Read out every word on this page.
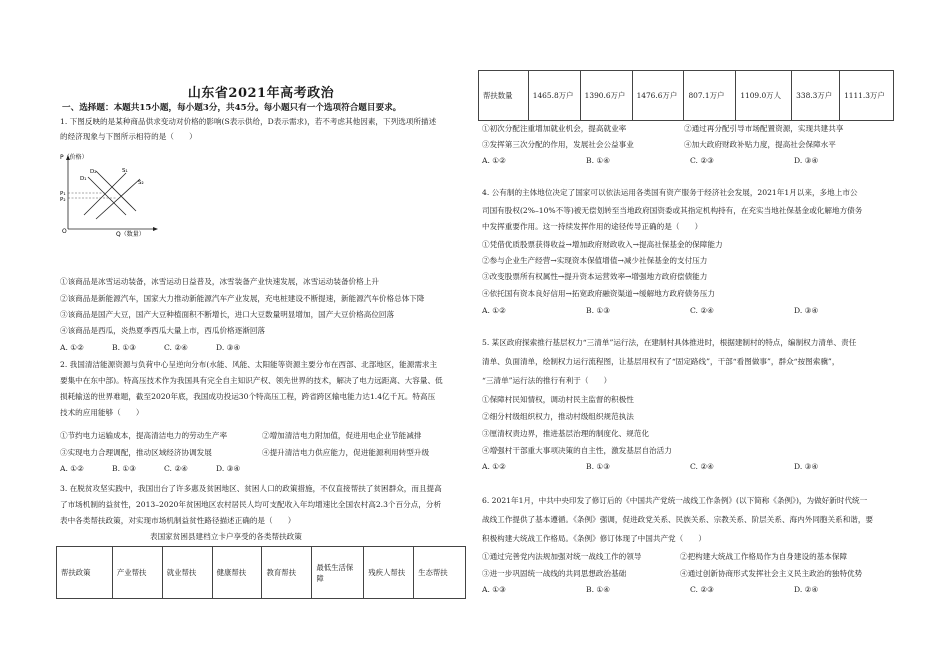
山东省2021年高考政治
一、选择题：本题共15小题，每小题3分，共45分。每小题只有一个选项符合题目要求。
1. 下图反映的是某种商品供求变动对价格的影响(S表示供给，D表示需求)，若不考虑其他因素，下列选项所描述
的经济现象与下图所示相符的是（　　）
P（价格）
Q（数量）
O
D₁
D₂	S₁
S₂
P₁
P₂
①该商品是冰雪运动装备，冰雪运动日益普及，冰雪装备产业快速发展，冰雪运动装备价格上升
②该商品是新能源汽车，国家大力推动新能源汽车产业发展，充电桩建设不断提速，新能源汽车价格总体下降
③该商品是国产大豆，国产大豆种植面积不断增长，进口大豆数量明显增加，国产大豆价格高位回落
④该商品是西瓜，炎热夏季西瓜大量上市，西瓜价格逐渐回落
A. ①②	B. ①③	C. ②④	D. ③④
2. 我国清洁能源资源与负荷中心呈逆向分布(水能、风能、太阳能等资源主要分布在西部、北部地区，能源需求主
要集中在东中部)。特高压技术作为我国具有完全自主知识产权、领先世界的技术，解决了电力远距离、大容量、低
损耗输送的世界难题，截至2020年底，我国成功投运30个特高压工程，跨省跨区输电能力达1.4亿千瓦。特高压
技术的应用能够（　　）
①节约电力运输成本，提高清洁电力的劳动生产率	②增加清洁电力附加值，促进用电企业节能减排
③实现电力合理调配，推动区域经济协调发展	④提升清洁电力供应能力，促进能源利用转型升级
A. ①②	B. ①③	C. ②④	D. ③④
3. 在脱贫攻坚实践中，我国出台了许多惠及贫困地区、贫困人口的政策措施，不仅直接帮扶了贫困群众，而且提高
了市场机制的益贫性，2013–2020年贫困地区农村居民人均可支配收入年均增速比全国农村高2.3个百分点，分析
表中各类帮扶政策，对实现市场机制益贫性路径描述正确的是（　　）
表国家贫困县建档立卡户享受的各类帮扶政策
帮扶政策	产业帮扶	就业帮扶	健康帮扶	教育帮扶	最低生活保障	残疾人帮扶	生态帮扶
帮扶数量	1465.8万户	1390.6万户	1476.6万户	807.1万户	1109.0万人	338.3万户	1111.3万户
①初次分配注重增加就业机会，提高就业率	②通过再分配引导市场配置资源，实现共建共享
③发挥第三次分配的作用，发展社会公益事业	④加大政府财政补贴力度，提高社会保障水平
A. ①②	B. ①④	C. ②③	D. ③④
4. 公有制的主体地位决定了国家可以依法运用各类国有资产服务于经济社会发展，2021年1月以来，多地上市公
司国有股权(2%–10%不等)被无偿划转至当地政府国资委或其指定机构持有，在充实当地社保基金或化解地方债务
中发挥重要作用。这一持续发挥作用的途径传导正确的是（　　）
①凭借优质股票获得收益→增加政府财政收入→提高社保基金的保障能力
②参与企业生产经营→实现资本保值增值→减少社保基金的支付压力
③改变股票所有权属性→提升资本运营效率→增强地方政府偿债能力
④依托国有资本良好信用→拓宽政府融资渠道→缓解地方政府债务压力
A. ①②	B. ①③	C. ②④	D. ③④
5. 某区政府探索推行基层权力“三清单”运行法，在建制村具体推进时，根据建制村的特点，编制权力清单、责任
清单、负面清单，绘制权力运行流程图，让基层用权有了“固定路线”，干部“看图做事”，群众“按图索骥”，
“三清单”运行法的推行有利于（　　）
①保障村民知情权，调动村民主监督的积极性
②细分村级组织权力，推动村级组织规范执法
③厘清权责边界，推进基层治理的制度化、规范化
④增强村干部重大事项决策的自主性，激发基层自治活力
A. ①②	B. ①③	C. ②④	D. ③④
6. 2021年1月，中共中央印发了修订后的《中国共产党统一战线工作条例》(以下简称《条例》)，为做好新时代统一
战线工作提供了基本遵循。《条例》强调，促进政党关系、民族关系、宗教关系、阶层关系、海内外同胞关系和谐，要
积极构建大统战工作格局。《条例》修订体现了中国共产党（　　）
①通过完善党内法规加强对统一战线工作的领导	②把构建大统战工作格局作为自身建设的基本保障
③进一步巩固统一战线的共同思想政治基础	④通过创新协商形式发挥社会主义民主政治的独特优势
A. ①③	B. ①④	C. ②③	D. ②④
